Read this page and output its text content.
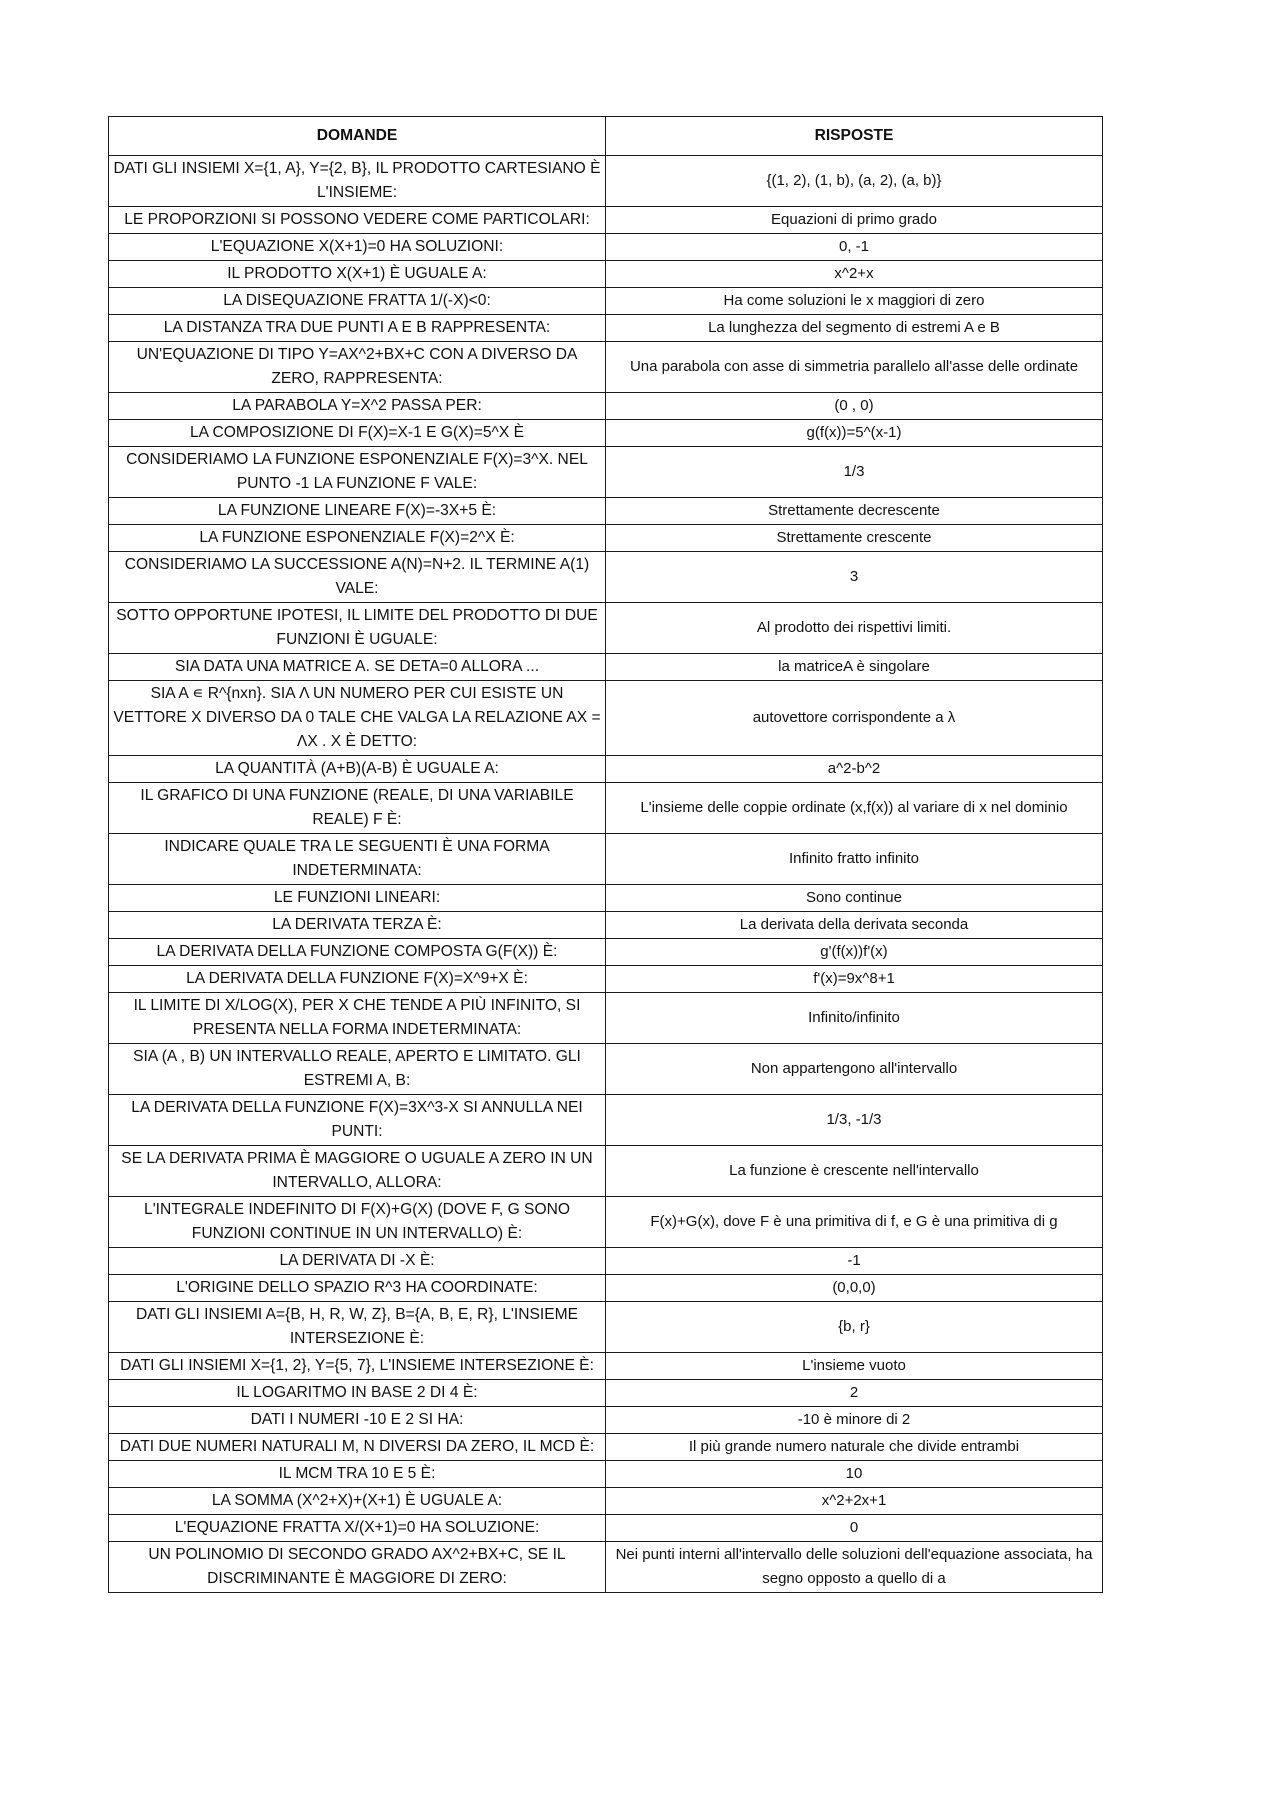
DOMANDE	RISPOSTE
DATI GLI INSIEMI X={1, A}, Y={2, B}, IL PRODOTTO CARTESIANO È L'INSIEME:	{(1, 2), (1, b), (a, 2), (a, b)}
LE PROPORZIONI SI POSSONO VEDERE COME PARTICOLARI:	Equazioni di primo grado
L'EQUAZIONE X(X+1)=0 HA SOLUZIONI:	0, -1
IL PRODOTTO X(X+1) È UGUALE A:	x^2+x
LA DISEQUAZIONE FRATTA 1/(-X)<0:	Ha come soluzioni le x maggiori di zero
LA DISTANZA TRA DUE PUNTI A E B RAPPRESENTA:	La lunghezza del segmento di estremi A e B
UN'EQUAZIONE DI TIPO Y=AX^2+BX+C CON A DIVERSO DA ZERO, RAPPRESENTA:	Una parabola con asse di simmetria parallelo all'asse delle ordinate
LA PARABOLA Y=X^2 PASSA PER:	(0 , 0)
LA COMPOSIZIONE DI F(X)=X-1 E G(X)=5^X È	g(f(x))=5^(x-1)
CONSIDERIAMO LA FUNZIONE ESPONENZIALE F(X)=3^X. NEL PUNTO -1 LA FUNZIONE F VALE:	1/3
LA FUNZIONE LINEARE F(X)=-3X+5 È:	Strettamente decrescente
LA FUNZIONE ESPONENZIALE F(X)=2^X È:	Strettamente crescente
CONSIDERIAMO LA SUCCESSIONE A(N)=N+2. IL TERMINE A(1) VALE:	3
SOTTO OPPORTUNE IPOTESI, IL LIMITE DEL PRODOTTO DI DUE FUNZIONI È UGUALE:	Al prodotto dei rispettivi limiti.
SIA DATA UNA MATRICE A. SE DETA=0 ALLORA ...	la matriceA è singolare
SIA A ∊ R^{nxn}. SIA Λ UN NUMERO PER CUI ESISTE UN VETTORE X DIVERSO DA 0 TALE CHE VALGA LA RELAZIONE AX = ΛX . X È DETTO:	autovettore corrispondente a λ
LA QUANTITÀ (A+B)(A-B) È UGUALE A:	a^2-b^2
IL GRAFICO DI UNA FUNZIONE (REALE, DI UNA VARIABILE REALE) F È:	L'insieme delle coppie ordinate (x,f(x)) al variare di x nel dominio
INDICARE QUALE TRA LE SEGUENTI È UNA FORMA INDETERMINATA:	Infinito fratto infinito
LE FUNZIONI LINEARI:	Sono continue
LA DERIVATA TERZA È:	La derivata della derivata seconda
LA DERIVATA DELLA FUNZIONE COMPOSTA G(F(X)) È:	g'(f(x))f'(x)
LA DERIVATA DELLA FUNZIONE F(X)=X^9+X È:	f'(x)=9x^8+1
IL LIMITE DI X/LOG(X), PER X CHE TENDE A PIÙ INFINITO, SI PRESENTA NELLA FORMA INDETERMINATA:	Infinito/infinito
SIA (A , B) UN INTERVALLO REALE, APERTO E LIMITATO. GLI ESTREMI A, B:	Non appartengono all'intervallo
LA DERIVATA DELLA FUNZIONE F(X)=3X^3-X SI ANNULLA NEI PUNTI:	1/3, -1/3
SE LA DERIVATA PRIMA È MAGGIORE O UGUALE A ZERO IN UN INTERVALLO, ALLORA:	La funzione è crescente nell'intervallo
L'INTEGRALE INDEFINITO DI F(X)+G(X) (DOVE F, G SONO FUNZIONI CONTINUE IN UN INTERVALLO) È:	F(x)+G(x), dove F è una primitiva di f, e G è una primitiva di g
LA DERIVATA DI -X È:	-1
L'ORIGINE DELLO SPAZIO R^3 HA COORDINATE:	(0,0,0)
DATI GLI INSIEMI A={B, H, R, W, Z}, B={A, B, E, R}, L'INSIEME INTERSEZIONE È:	{b, r}
DATI GLI INSIEMI X={1, 2}, Y={5, 7}, L'INSIEME INTERSEZIONE È:	L'insieme vuoto
IL LOGARITMO IN BASE 2 DI 4 È:	2
DATI I NUMERI -10 E 2 SI HA:	-10 è minore di 2
DATI DUE NUMERI NATURALI M, N DIVERSI DA ZERO, IL MCD È:	Il più grande numero naturale che divide entrambi
IL MCM TRA 10 E 5 È:	10
LA SOMMA (X^2+X)+(X+1) È UGUALE A:	x^2+2x+1
L'EQUAZIONE FRATTA X/(X+1)=0 HA SOLUZIONE:	0
UN POLINOMIO DI SECONDO GRADO AX^2+BX+C, SE IL DISCRIMINANTE È MAGGIORE DI ZERO:	Nei punti interni all'intervallo delle soluzioni dell'equazione associata, ha segno opposto a quello di a
